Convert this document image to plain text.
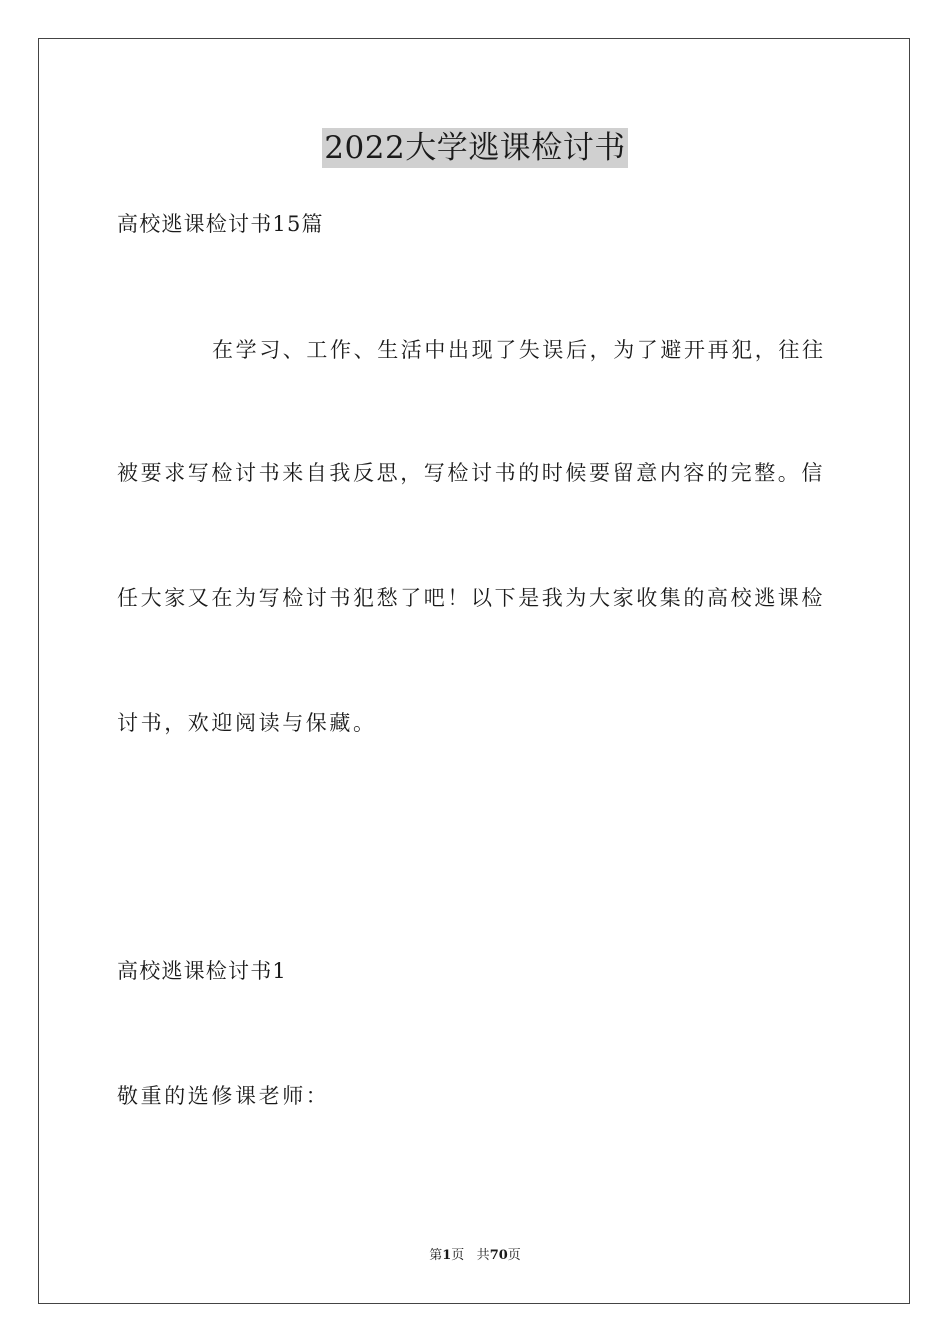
2022大学逃课检讨书
高校逃课检讨书15篇
在学习、工作、生活中出现了失误后，为了避开再犯，往往
被要求写检讨书来自我反思，写检讨书的时候要留意内容的完整。信
任大家又在为写检讨书犯愁了吧！以下是我为大家收集的高校逃课检
讨书，欢迎阅读与保藏。
高校逃课检讨书1
敬重的选修课老师：
第1页 共70页
